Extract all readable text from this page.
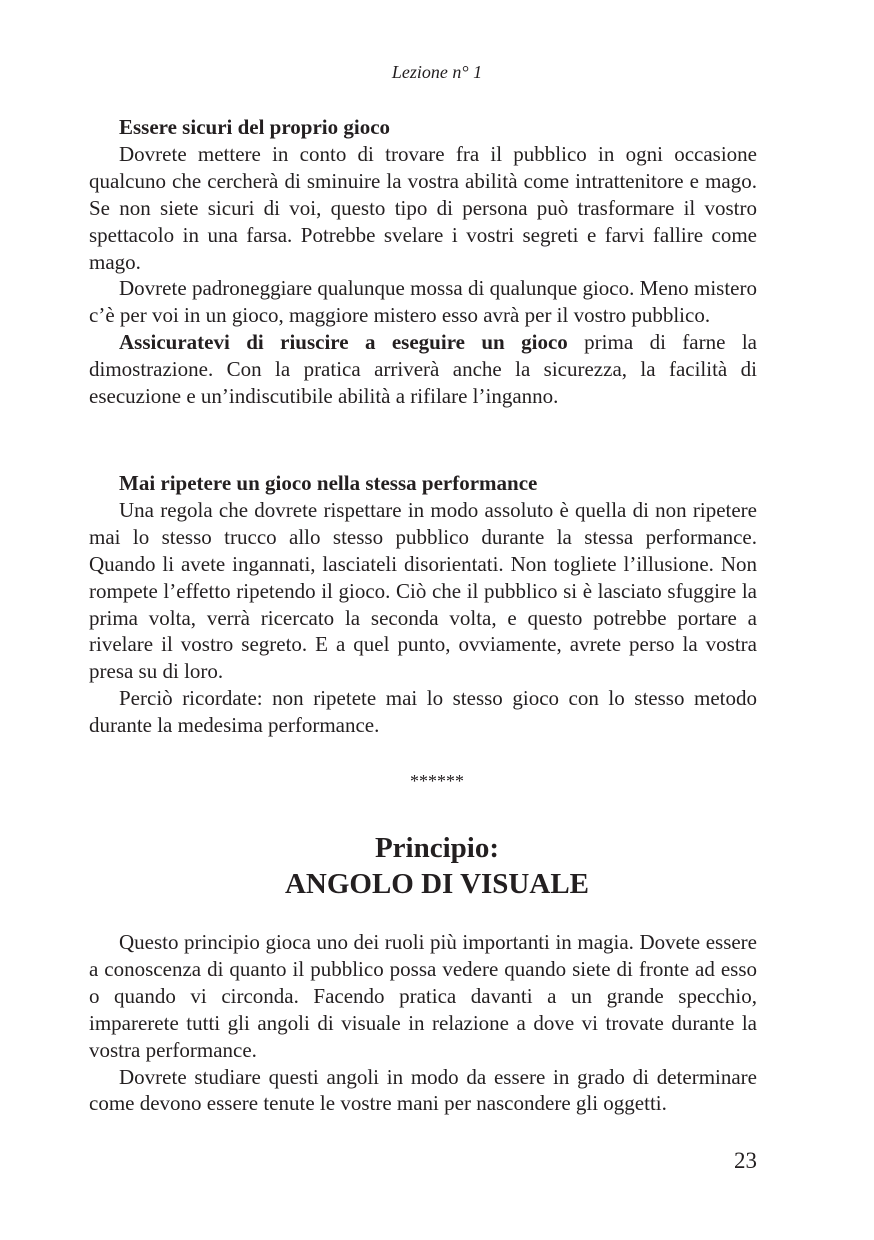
Lezione n° 1

Essere sicuri del proprio gioco

Dovrete mettere in conto di trovare fra il pubblico in ogni occasione qualcuno che cercherà di sminuire la vostra abilità come intrattenitore e mago. Se non siete sicuri di voi, questo tipo di persona può trasformare il vostro spettacolo in una farsa. Potrebbe svelare i vostri segreti e farvi fallire come mago.

Dovrete padroneggiare qualunque mossa di qualunque gioco. Meno mistero c’è per voi in un gioco, maggiore mistero esso avrà per il vostro pubblico.

Assicuratevi di riuscire a eseguire un gioco prima di farne la dimostrazione. Con la pratica arriverà anche la sicurezza, la facilità di esecuzione e un’indiscutibile abilità a rifilare l’inganno.

Mai ripetere un gioco nella stessa performance

Una regola che dovrete rispettare in modo assoluto è quella di non ripetere mai lo stesso trucco allo stesso pubblico durante la stessa performance. Quando li avete ingannati, lasciateli disorientati. Non togliete l’illusione. Non rompete l’effetto ripetendo il gioco. Ciò che il pubblico si è lasciato sfuggire la prima volta, verrà ricercato la seconda volta, e questo potrebbe portare a rivelare il vostro segreto. E a quel punto, ovviamente, avrete perso la vostra presa su di loro.

Perciò ricordate: non ripetete mai lo stesso gioco con lo stesso metodo durante la medesima performance.

******
Principio:
ANGOLO DI VISUALE

Questo principio gioca uno dei ruoli più importanti in magia. Dovete essere a conoscenza di quanto il pubblico possa vedere quando siete di fronte ad esso o quando vi circonda. Facendo pratica davanti a un grande specchio, imparerete tutti gli angoli di visuale in relazione a dove vi trovate durante la vostra performance.

Dovrete studiare questi angoli in modo da essere in grado di determinare come devono essere tenute le vostre mani per nascondere gli oggetti.

23
